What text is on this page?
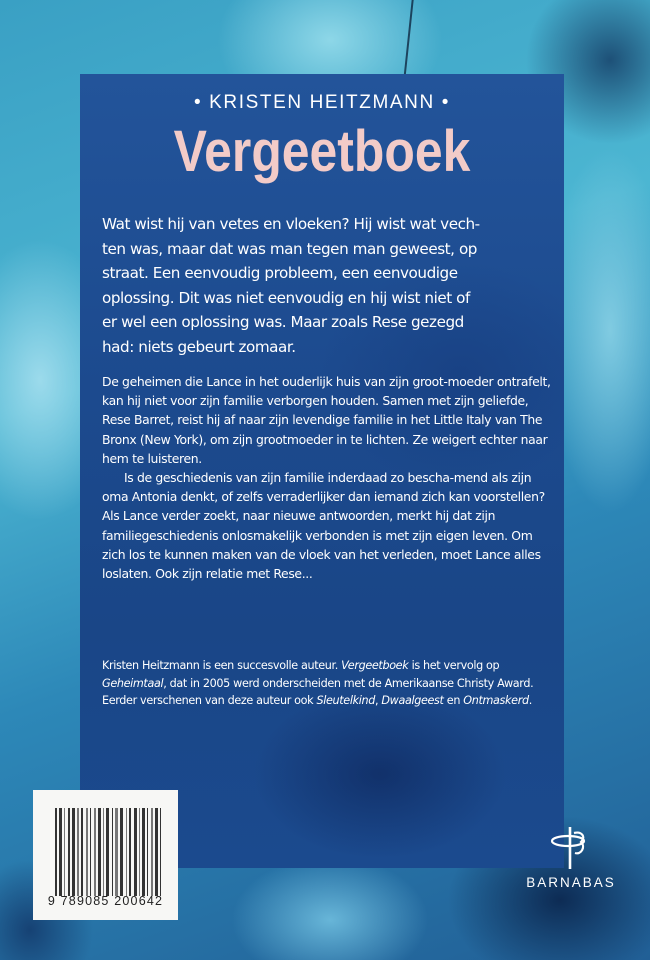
• KRISTEN HEITZMANN •
Vergeetboek
Wat wist hij van vetes en vloeken? Hij wist wat vech-
ten was, maar dat was man tegen man geweest, op
straat. Een eenvoudig probleem, een eenvoudige
oplossing. Dit was niet eenvoudig en hij wist niet of
er wel een oplossing was. Maar zoals Rese gezegd
had: niets gebeurt zomaar.

De geheimen die Lance in het ouderlijk huis van zijn groot-moeder ontrafelt, kan hij niet voor zijn familie verborgen houden. Samen met zijn geliefde, Rese Barret, reist hij af naar zijn levendige familie in het Little Italy van The Bronx (New York), om zijn grootmoeder in te lichten. Ze weigert echter naar hem te luisteren.

Is de geschiedenis van zijn familie inderdaad zo bescha-mend als zijn oma Antonia denkt, of zelfs verraderlijker dan iemand zich kan voorstellen? Als Lance verder zoekt, naar nieuwe antwoorden, merkt hij dat zijn familiegeschiedenis onlosmakelijk verbonden is met zijn eigen leven. Om zich los te kunnen maken van de vloek van het verleden, moet Lance alles loslaten. Ook zijn relatie met Rese...

Kristen Heitzmann is een succesvolle auteur. Vergeetboek is het vervolg op Geheimtaal, dat in 2005 werd onderscheiden met de Amerikaanse Christy Award. Eerder verschenen van deze auteur ook Sleutelkind, Dwaalgeest en Ontmaskerd.
9 789085 200642
BARNABAS
